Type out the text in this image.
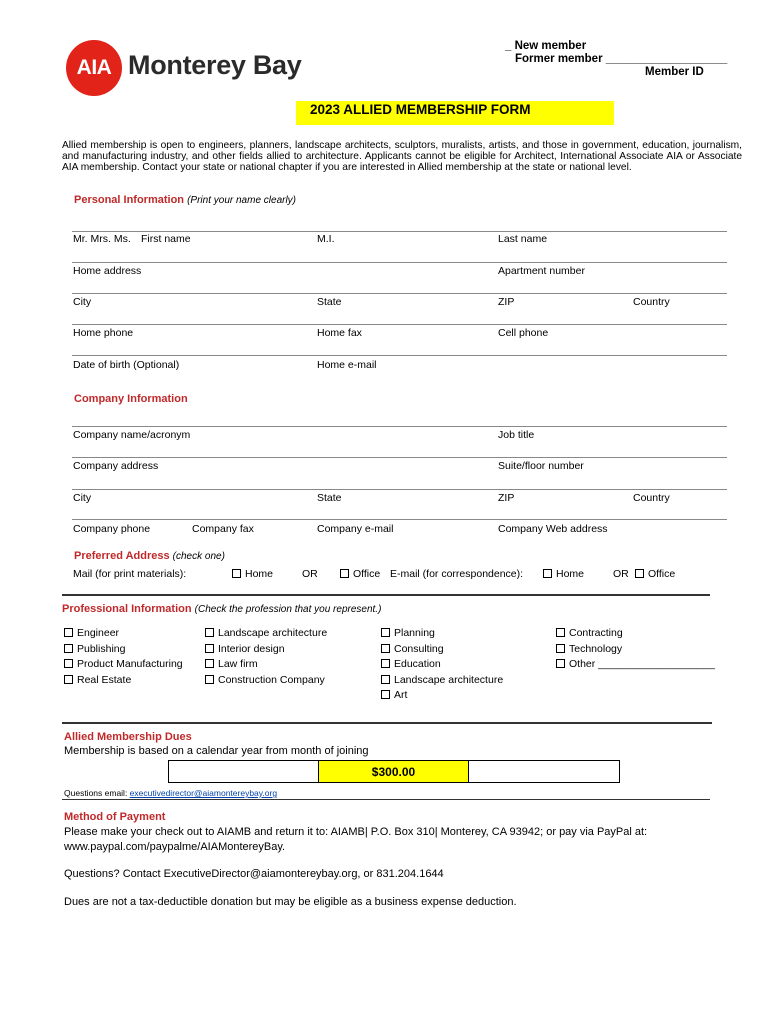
AIA Monterey Bay
_ New member
Former member ___________________
Member ID
2023 ALLIED MEMBERSHIP FORM
Allied membership is open to engineers, planners, landscape architects, sculptors, muralists, artists, and those in government, education, journalism, and manufacturing industry, and other fields allied to architecture. Applicants cannot be eligible for Architect, International Associate AIA or Associate AIA membership. Contact your state or national chapter if you are interested in Allied membership at the state or national level.
Personal Information (Print your name clearly)
Mr. Mrs. Ms. First name	M.I.	Last name
Home address	Apartment number
City	State	ZIP	Country
Home phone	Home fax	Cell phone
Date of birth (Optional)	Home e-mail
Company Information
Company name/acronym	Job title
Company address	Suite/floor number
City	State	ZIP	Country
Company phone	Company fax	Company e-mail	Company Web address
Preferred Address (check one)
Mail (for print materials):	Home	OR	Office E-mail (for correspondence):	Home	OR	Office
Professional Information (Check the profession that you represent.)
Engineer
Publishing
Product Manufacturing
Real Estate
Landscape architecture
Interior design
Law firm
Construction Company
Planning
Consulting
Education
Landscape architecture
Art
Contracting
Technology
Other ____________________
Allied Membership Dues
Membership is based on a calendar year from month of joining
$300.00
Questions email: executivedirector@aiamontereybay.org
Method of Payment
Please make your check out to AIAMB and return it to: AIAMB| P.O. Box 310| Monterey, CA 93942; or pay via PayPal at:
www.paypal.com/paypalme/AIAMontereyBay.
Questions? Contact ExecutiveDirector@aiamontereybay.org, or 831.204.1644
Dues are not a tax-deductible donation but may be eligible as a business expense deduction.
